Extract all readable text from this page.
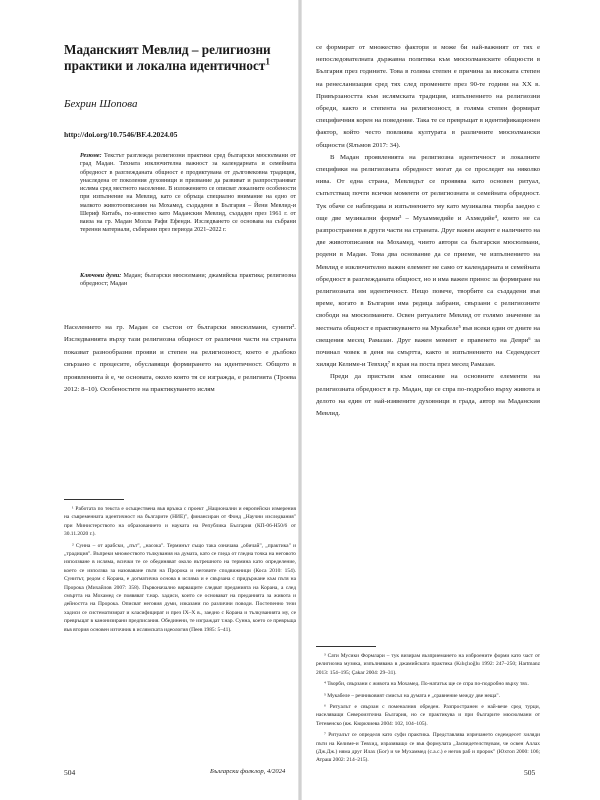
Маданският Мевлид – религиозни практики и локална идентичност$^1$
Бехрин Шопова
http://doi.org/10.7546/BF.4.2024.05
Резюме: Текстът разглежда религиозни практики сред български мюсюлмани от град Мадан. Тяхната изключителна важност за календарната и семейната обредност в разглежданата общност е продиктувана от дълговековна традиция, унаследена от поколения духовници и призвание да развиват и разпространяват исляма сред местното население. В изложението се описват локалните особености при изпълнение на Мевлид, като се обръща специално внимание на едно от малкото животоописания на Мохамед, създадени в България – Йени Мевлид-и Шериф Китабъ, по-известно като Маданския Мевлид, създаден през 1961 г. от ваиза на гр. Мадан Молла Рафи Ефенди. Изследването се основава на събрани теренни материали, събирани през периода 2021–2022 г.
Ключови думи: Мадан; български мюсюлмани; джамийска практика; религиозна обредност; Мадан

Населението на гр. Мадан се състои от български мюсюлмани, сунити². Изследванията върху тази религиозна общност от различни части на страната показват разнообразни прояви и степен на религиозност, което е дълбоко свързано с процесите, обуславящи формирането на идентичност. Общото в проявленията ѝ е, че основата, около която тя се изгражда, е религията (Троева 2012: 8–10). Особеностите на практикуването ислям

¹ Работата по текста е осъществена във връзка с проект „Национални и европейски измерения на съвременната идентичност на българите (НИЕ)", финансиран от Фонд „Научни изследвания" при Министерството на образованието и науката на Република България (КП-06-Н50/6 от 30.11.2020 г.).

² Сунна – от арабски, „път", „насока". Терминът също така означава „обичай", „практика" и „традиция". Въпреки множеството тълкувания на думата, като се гледа от гледна точка на неговото използване в исляма, всички те се обединяват около вътрешното на термина като определение, което се използва за назоваване пътя на Пророка и неговите сподвижници (Коса 2010: 154). Сунитът, редом с Корана, е догматична основа в исляма и е свързана с придържане към пътя на Пророка (Михайлов 2007: 358). Първоначално вярващите следват преданията на Корана, а след смъртта на Мохамед се появяват т.нар. хадиси, които се основават на преданията за живота и дейността на Пророка. Описват неговия думи, изказани по различни поводи. Постепенно тези хадиси се систематизират и класифицират и през IX–X в., заедно с Корана и тълкуванията му, се превръщат в канонизирани предписания. Обединени, те изграждат т.нар. Сунна, което се превръща във втория основен източник в ислямската идеология (Пеев 1985: 5–41).

504	Български фолклор, 4/2024

се формират от множество фактори и може би най-важният от тях е непоследователната държавна политика към мюсюлманските общности в България през годините. Това в голяма степен е причина за високата степен на ренесланизация сред тях след промените през 90-те години на XX в. Привързаността към ислямската традиция, изпълнението на религиозни обреди, както и степента на религиозност, в голяма степен формират специфичния корен на поведение. Така те се превръщат в идентификационен фактор, който често повлиява културата в различните мюсюлмански общности (Ялъмов 2017: 34).

В Мадан проявленията на религиозна идентичност и локалните специфики на религиозната обредност могат да се проследят на няколко нива. От една страна, Мевлидът се проявява като основен ритуал, съпътстващ почти всички моменти от религиозната и семейната обредност. Тук обаче се наблюдава и изпълнението му като музикална творба заедно с още две музикални форми³ – Мухаммедийе и Ахмедийе⁴, които не са разпространени в други части на страната. Друг важен акцент е наличието на две животописания на Мохамед, чиито автори са български мюсюлмани, родени в Мадан. Това два основание да се приеме, че изпълнението на Мевлид е изключително важен елемент не само от календарната и семейната обредност в разглежданата общност, но и има важен принос за формиране на религиозната им идентичност. Нещо повече, творбите са създадени във време, когато в България има редица забрани, свързани с религиозните свободи на мюсюлманите. Освен ритуалите Мевлид от голямо значение за местната общност е практикуването на Мукабеле⁵ във всеки един от дните на свещения месец Рамазан. Друг важен момент е правенето на Деври⁶ за починал човек в деня на смъртта, както и изпълнението на Седемдесет хиляди Келиме-и Тевхид⁷ в края на поста през месец Рамазан.

Преди да пристъпя към описание на основните елементи на религиозната обредност в гр. Мадан, ще се спра по-подробно върху живота и делото на един от най-изявените духовници в града, автор на Маданския Мевлид.

³ Сати Мусики Формлари – тук визирам възприемането на изброените форми като част от религиозна музика, изпълнявана в джамийската практика (Kılıçlıoğlu 1992: 247–250; Hartmanz 2013: 154–195; Çakar 2004: 29–31).

⁴ Творби, свързани с живота на Мохамед. По-нататък ще се спра по-подробно върху тях.

⁵ Мукабеле – речниковият смисъл на думата е „сравнение между две неща".

⁶ Ритуалът е свързан с поменалния обреден. Разпространен е най-вече сред турци, населяващи Североизточна България, но се практикува и при българите мюсюлмани от Тетевенско (вж. Кюркчиева 2004: 102, 104–105).

⁷ Ритуалът се определя като суфи практика. Представлява изричането седемдесет хиляди пъти на Келиме-и Тевхид, изразяващо се във формулата „Засвидетелствувам, че освен Аллах (Дж.Дж.) няма друг Илах (Бог) и че Мухаммед (с.а.с.) е негов раб и пророк" (Юхтоп 2000: 106; Атраш 2002: 214–215).

505
